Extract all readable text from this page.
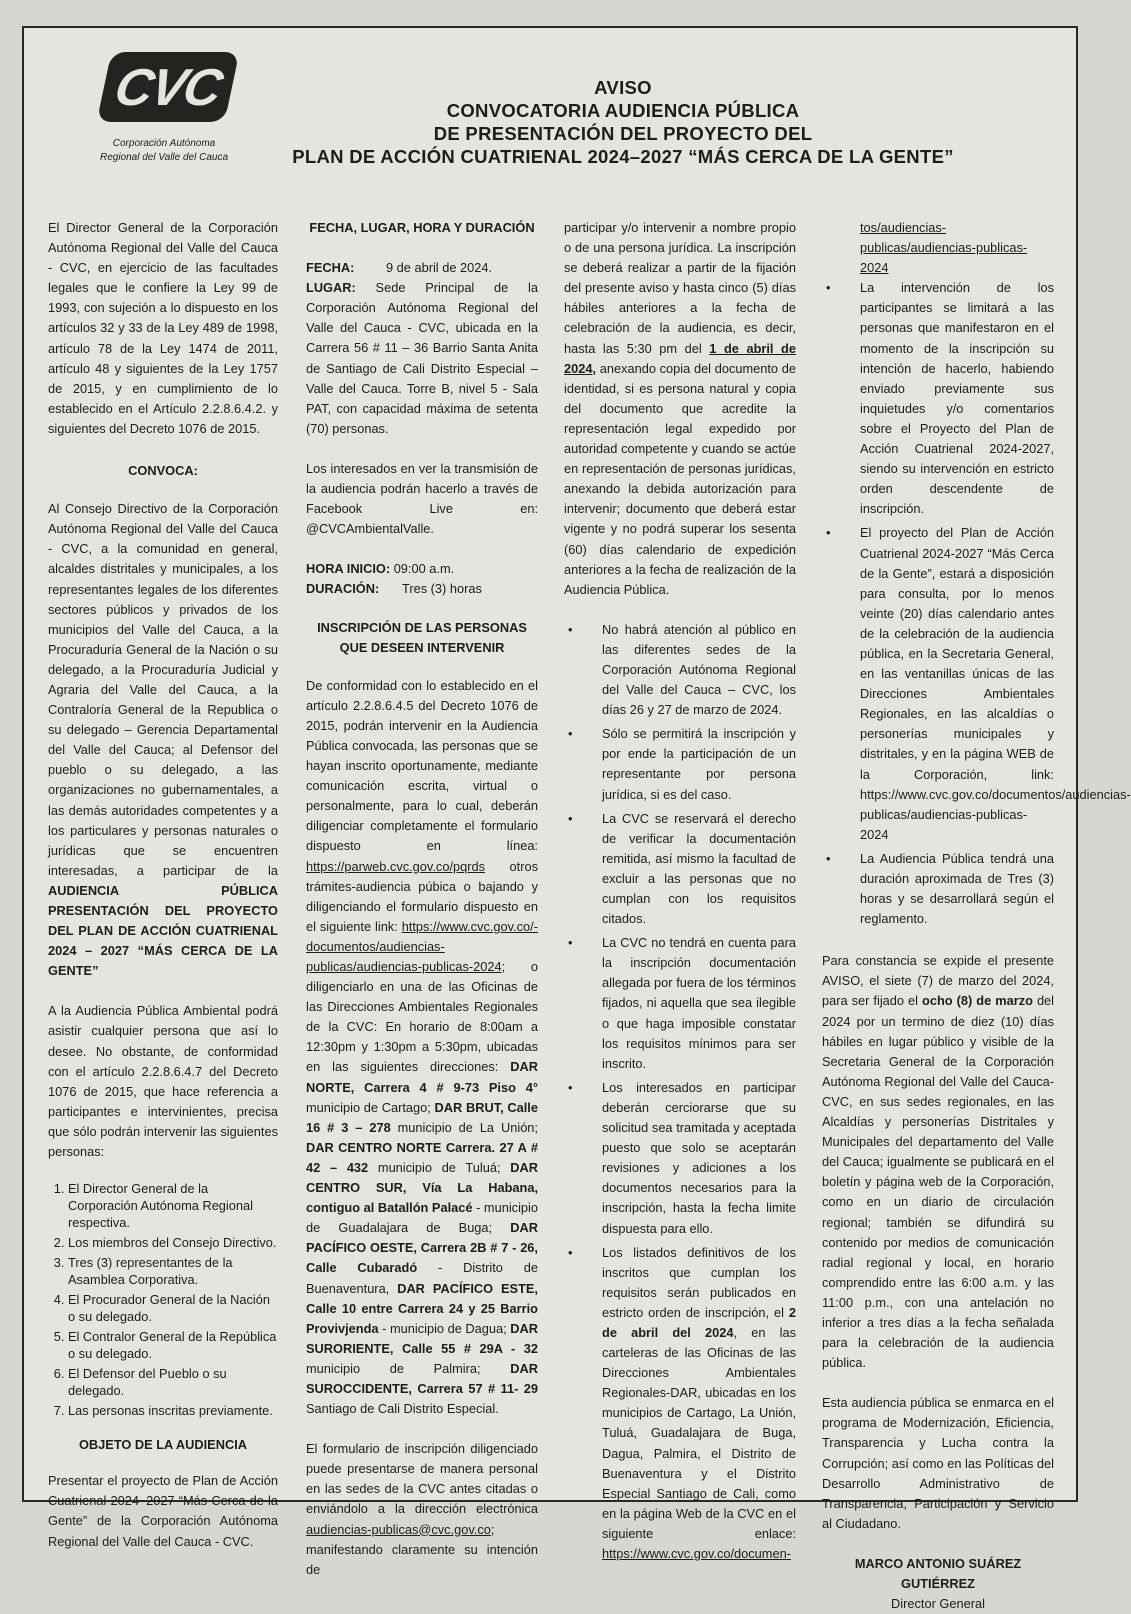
CVC
Corporación Autónoma
Regional del Valle del Cauca
AVISO
CONVOCATORIA AUDIENCIA PÚBLICA
DE PRESENTACIÓN DEL PROYECTO DEL
PLAN DE ACCIÓN CUATRIENAL 2024–2027 “MÁS CERCA DE LA GENTE”

El Director General de la Corporación Autónoma Regional del Valle del Cauca - CVC, en ejercicio de las facultades legales que le confiere la Ley 99 de 1993, con sujeción a lo dispuesto en los artículos 32 y 33 de la Ley 489 de 1998, artículo 78 de la Ley 1474 de 2011, artículo 48 y siguientes de la Ley 1757 de 2015, y en cumplimiento de lo establecido en el Artículo 2.2.8.6.4.2. y siguientes del Decreto 1076 de 2015.

CONVOCA:

Al Consejo Directivo de la Corporación Autónoma Regional del Valle del Cauca - CVC, a la comunidad en general, alcaldes distritales y municipales, a los representantes legales de los diferentes sectores públicos y privados de los municipios del Valle del Cauca, a la Procuraduría General de la Nación o su delegado, a la Procuraduría Judicial y Agraria del Valle del Cauca, a la Contraloría General de la Republica o su delegado – Gerencia Departamental del Valle del Cauca; al Defensor del pueblo o su delegado, a las organizaciones no gubernamentales, a las demás autoridades competentes y a los particulares y personas naturales o jurídicas que se encuentren interesadas, a participar de la AUDIENCIA PÚBLICA PRESENTACIÓN DEL PROYECTO DEL PLAN DE ACCIÓN CUATRIENAL 2024 – 2027 “MÁS CERCA DE LA GENTE”

A la Audiencia Pública Ambiental podrá asistir cualquier persona que así lo desee. No obstante, de conformidad con el artículo 2.2.8.6.4.7 del Decreto 1076 de 2015, que hace referencia a participantes e intervinientes, precisa que sólo podrán intervenir las siguientes personas:

1. El Director General de la Corporación Autónoma Regional respectiva.
2. Los miembros del Consejo Directivo.
3. Tres (3) representantes de la Asamblea Corporativa.
4. El Procurador General de la Nación o su delegado.
5. El Contralor General de la República o su delegado.
6. El Defensor del Pueblo o su delegado.
7. Las personas inscritas previamente.

OBJETO DE LA AUDIENCIA

Presentar el proyecto de Plan de Acción Cuatrienal 2024–2027 “Más Cerca de la Gente” de la Corporación Autónoma Regional del Valle del Cauca - CVC.

FECHA, LUGAR, HORA Y DURACIÓN

FECHA:	9 de abril de 2024.

LUGAR: Sede Principal de la Corporación Autónoma Regional del Valle del Cauca - CVC, ubicada en la Carrera 56 # 11 – 36 Barrio Santa Anita de Santiago de Cali Distrito Especial – Valle del Cauca. Torre B, nivel 5 - Sala PAT, con capacidad máxima de setenta (70) personas.

Los interesados en ver la transmisión de la audiencia podrán hacerlo a través de Facebook Live en: @CVCAmbientalValle.

HORA INICIO: 09:00 a.m.
DURACIÓN:	Tres (3) horas

INSCRIPCIÓN DE LAS PERSONAS QUE DESEEN INTERVENIR

De conformidad con lo establecido en el artículo 2.2.8.6.4.5 del Decreto 1076 de 2015, podrán intervenir en la Audiencia Pública convocada, las personas que se hayan inscrito oportunamente, mediante comunicación escrita, virtual o personalmente, para lo cual, deberán diligenciar completamente el formulario dispuesto en línea: https://parweb.cvc.gov.co/pqrds otros trámites-audiencia púbica o bajando y diligenciando el formulario dispuesto en el siguiente link: https://www.cvc.gov.co/-documentos/audiencias-publicas/audiencias-publicas-2024; o diligenciarlo en una de las Oficinas de las Direcciones Ambientales Regionales de la CVC: En horario de 8:00am a 12:30pm y 1:30pm a 5:30pm, ubicadas en las siguientes direcciones: DAR NORTE, Carrera 4 # 9-73 Piso 4° municipio de Cartago; DAR BRUT, Calle 16 # 3 – 278 municipio de La Unión; DAR CENTRO NORTE Carrera. 27 A # 42 – 432 municipio de Tuluá; DAR CENTRO SUR, Vía La Habana, contiguo al Batallón Palacé - municipio de Guadalajara de Buga; DAR PACÍFICO OESTE, Carrera 2B # 7 - 26, Calle Cubaradó - Distrito de Buenaventura, DAR PACÍFICO ESTE, Calle 10 entre Carrera 24 y 25 Barrio Provivjenda - municipio de Dagua; DAR SURORIENTE, Calle 55 # 29A - 32 municipio de Palmira; DAR SUROCCIDENTE, Carrera 57 # 11- 29 Santiago de Cali Distrito Especial.

El formulario de inscripción diligenciado puede presentarse de manera personal en las sedes de la CVC antes citadas o enviándolo a la dirección electrónica audiencias-publicas@cvc.gov.co; manifestando claramente su intención de

participar y/o intervenir a nombre propio o de una persona jurídica. La inscripción se deberá realizar a partir de la fijación del presente aviso y hasta cinco (5) días hábiles anteriores a la fecha de celebración de la audiencia, es decir, hasta las 5:30 pm del 1 de abril de 2024, anexando copia del documento de identidad, si es persona natural y copia del documento que acredite la representación legal expedido por autoridad competente y cuando se actúe en representación de personas jurídicas, anexando la debida autorización para intervenir; documento que deberá estar vigente y no podrá superar los sesenta (60) días calendario de expedición anteriores a la fecha de realización de la Audiencia Pública.

• No habrá atención al público en las diferentes sedes de la Corporación Autónoma Regional del Valle del Cauca – CVC, los días 26 y 27 de marzo de 2024.
• Sólo se permitirá la inscripción y por ende la participación de un representante por persona jurídica, si es del caso.
• La CVC se reservará el derecho de verificar la documentación remitida, así mismo la facultad de excluir a las personas que no cumplan con los requisitos citados.
• La CVC no tendrá en cuenta para la inscripción documentación allegada por fuera de los términos fijados, ni aquella que sea ilegible o que haga imposible constatar los requisitos mínimos para ser inscrito.
• Los interesados en participar deberán cerciorarse que su solicitud sea tramitada y aceptada puesto que solo se aceptarán revisiones y adiciones a los documentos necesarios para la inscripción, hasta la fecha limite dispuesta para ello.
• Los listados definitivos de los inscritos que cumplan los requisitos serán publicados en estricto orden de inscripción, el 2 de abril del 2024, en las carteleras de las Oficinas de las Direcciones Ambientales Regionales-DAR, ubicadas en los municipios de Cartago, La Unión, Tuluá, Guadalajara de Buga, Dagua, Palmira, el Distrito de Buenaventura y el Distrito Especial Santiago de Cali, como en la página Web de la CVC en el siguiente enlace: https://www.cvc.gov.co/documen-

tos/audiencias-publicas/audiencias-publicas-2024

• La intervención de los participantes se limitará a las personas que manifestaron en el momento de la inscripción su intención de hacerlo, habiendo enviado previamente sus inquietudes y/o comentarios sobre el Proyecto del Plan de Acción Cuatrienal 2024-2027, siendo su intervención en estricto orden descendente de inscripción.
• El proyecto del Plan de Acción Cuatrienal 2024-2027 “Más Cerca de la Gente”, estará a disposición para consulta, por lo menos veinte (20) días calendario antes de la celebración de la audiencia pública, en la Secretaria General, en las ventanillas únicas de las Direcciones Ambientales Regionales, en las alcaldías o personerías municipales y distritales, y en la página WEB de la Corporación, link: https://www.cvc.gov.co/documentos/audiencias-publicas/audiencias-publicas-2024
• La Audiencia Pública tendrá una duración aproximada de Tres (3) horas y se desarrollará según el reglamento.

Para constancia se expide el presente AVISO, el siete (7) de marzo del 2024, para ser fijado el ocho (8) de marzo del 2024 por un termino de diez (10) días hábiles en lugar público y visible de la Secretaria General de la Corporación Autónoma Regional del Valle del Cauca-CVC, en sus sedes regionales, en las Alcaldías y personerías Distritales y Municipales del departamento del Valle del Cauca; igualmente se publicará en el boletín y página web de la Corporación, como en un diario de circulación regional; también se difundirá su contenido por medios de comunicación radial regional y local, en horario comprendido entre las 6:00 a.m. y las 11:00 p.m., con una antelación no inferior a tres días a la fecha señalada para la celebración de la audiencia pública.

Esta audiencia pública se enmarca en el programa de Modernización, Eficiencia, Transparencia y Lucha contra la Corrupción; así como en las Políticas del Desarrollo Administrativo de Transparencia, Participación y Servicio al Ciudadano.

MARCO ANTONIO SUÁREZ GUTIÉRREZ

Director General
